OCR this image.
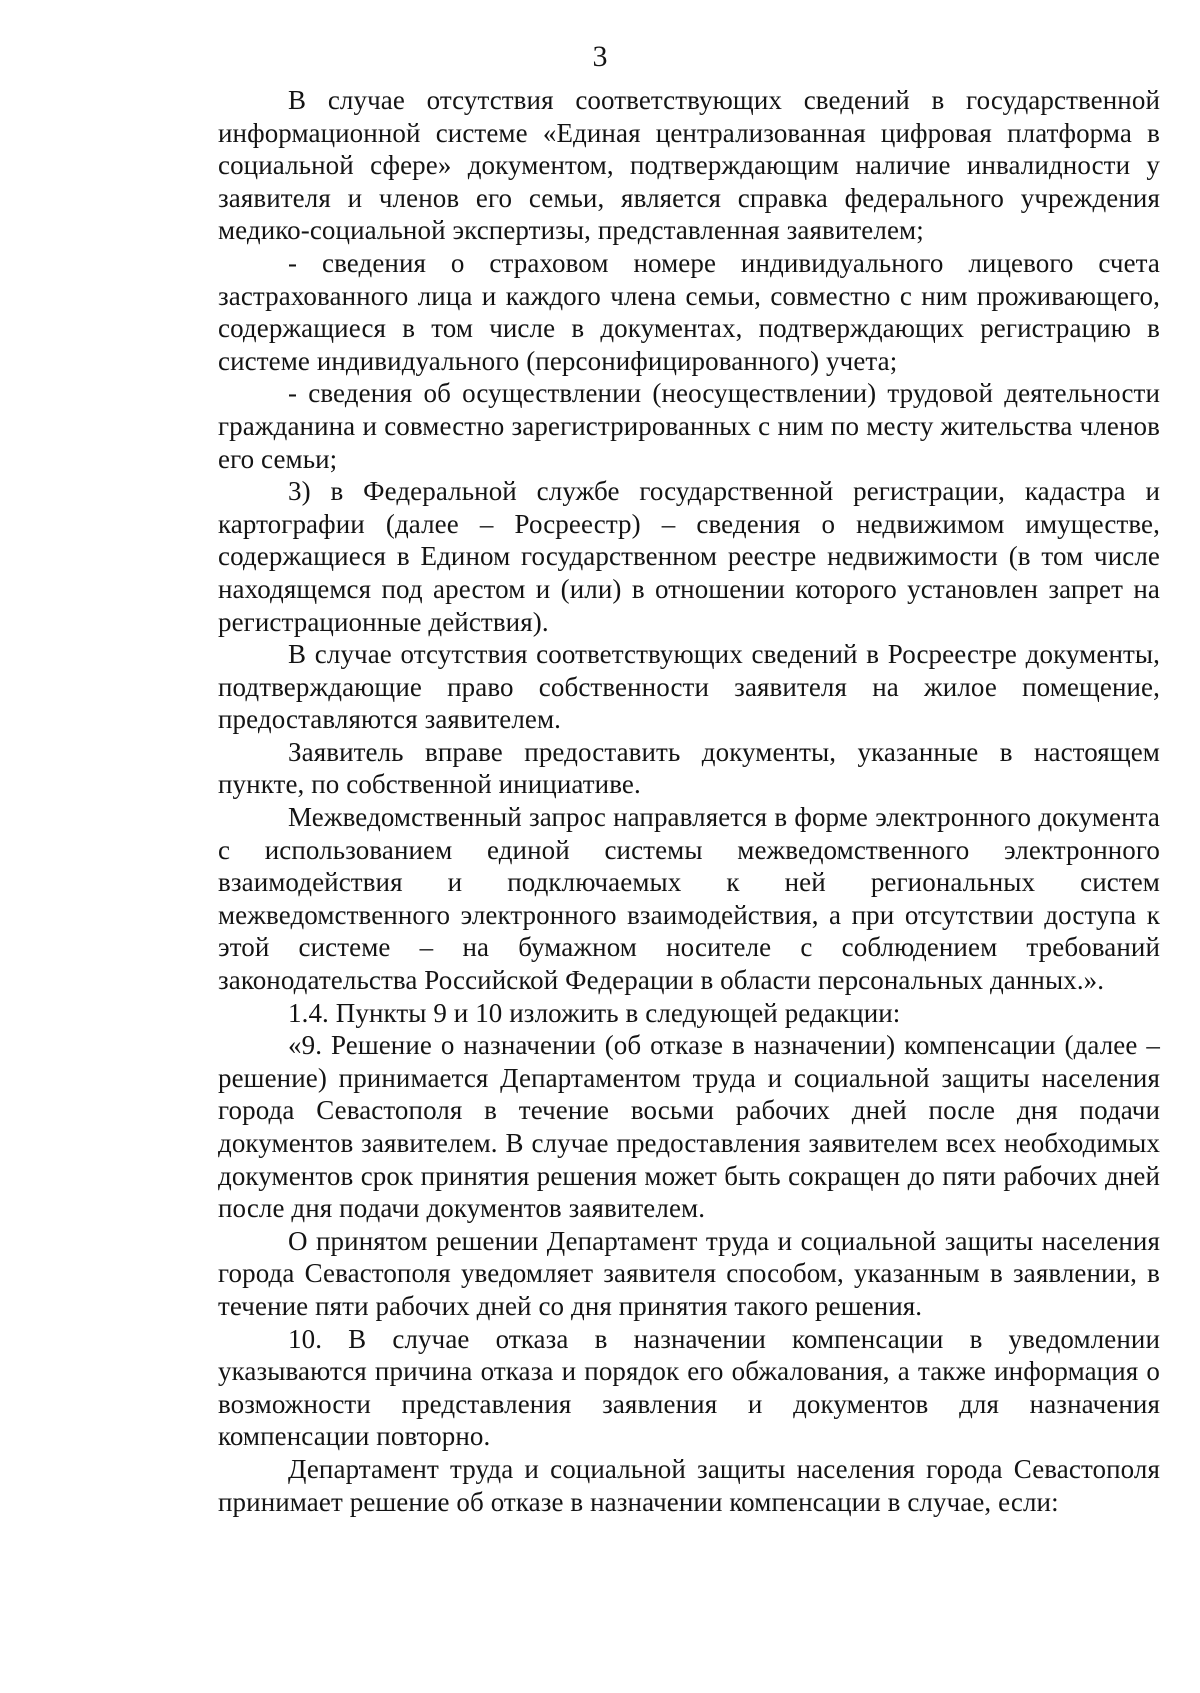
3

В случае отсутствия соответствующих сведений в государственной информационной системе «Единая централизованная цифровая платформа в социальной сфере» документом, подтверждающим наличие инвалидности у заявителя и членов его семьи, является справка федерального учреждения медико-социальной экспертизы, представленная заявителем;

- сведения о страховом номере индивидуального лицевого счета застрахованного лица и каждого члена семьи, совместно с ним проживающего, содержащиеся в том числе в документах, подтверждающих регистрацию в системе индивидуального (персонифицированного) учета;

- сведения об осуществлении (неосуществлении) трудовой деятельности гражданина и совместно зарегистрированных с ним по месту жительства членов его семьи;

3) в Федеральной службе государственной регистрации, кадастра и картографии (далее – Росреестр) – сведения о недвижимом имуществе, содержащиеся в Едином государственном реестре недвижимости (в том числе находящемся под арестом и (или) в отношении которого установлен запрет на регистрационные действия).

В случае отсутствия соответствующих сведений в Росреестре документы, подтверждающие право собственности заявителя на жилое помещение, предоставляются заявителем.

Заявитель вправе предоставить документы, указанные в настоящем пункте, по собственной инициативе.

Межведомственный запрос направляется в форме электронного документа с использованием единой системы межведомственного электронного взаимодействия и подключаемых к ней региональных систем межведомственного электронного взаимодействия, а при отсутствии доступа к этой системе – на бумажном носителе с соблюдением требований законодательства Российской Федерации в области персональных данных.».

1.4. Пункты 9 и 10 изложить в следующей редакции:

«9. Решение о назначении (об отказе в назначении) компенсации (далее – решение) принимается Департаментом труда и социальной защиты населения города Севастополя в течение восьми рабочих дней после дня подачи документов заявителем. В случае предоставления заявителем всех необходимых документов срок принятия решения может быть сокращен до пяти рабочих дней после дня подачи документов заявителем.

О принятом решении Департамент труда и социальной защиты населения города Севастополя уведомляет заявителя способом, указанным в заявлении, в течение пяти рабочих дней со дня принятия такого решения.

10. В случае отказа в назначении компенсации в уведомлении указываются причина отказа и порядок его обжалования, а также информация о возможности представления заявления и документов для назначения компенсации повторно.

Департамент труда и социальной защиты населения города Севастополя принимает решение об отказе в назначении компенсации в случае, если:
